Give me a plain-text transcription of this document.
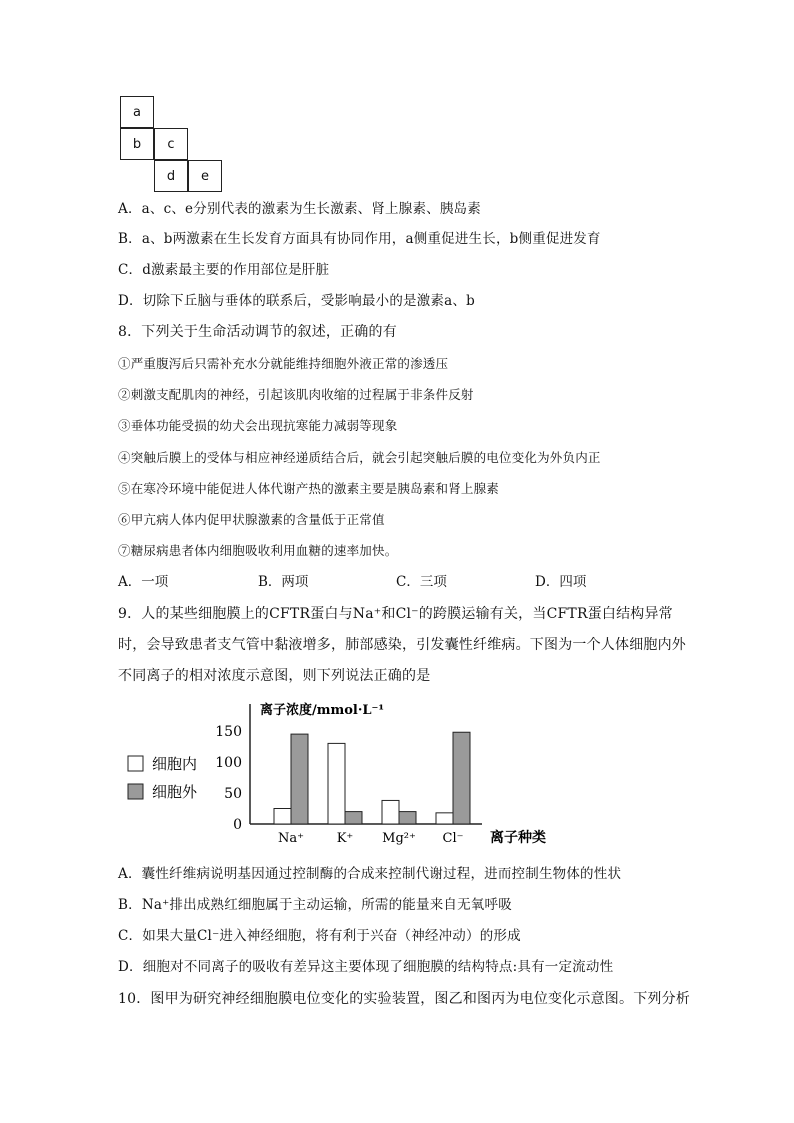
a
b	c
d	e
A．a、c、e分别代表的激素为生长激素、肾上腺素、胰岛素
B．a、b两激素在生长发育方面具有协同作用，a侧重促进生长，b侧重促进发育
C．d激素最主要的作用部位是肝脏
D．切除下丘脑与垂体的联系后，受影响最小的是激素a、b
8．下列关于生命活动调节的叙述，正确的有
①严重腹泻后只需补充水分就能维持细胞外液正常的渗透压
②刺激支配肌肉的神经，引起该肌肉收缩的过程属于非条件反射
③垂体功能受损的幼犬会出现抗寒能力减弱等现象
④突触后膜上的受体与相应神经递质结合后，就会引起突触后膜的电位变化为外负内正
⑤在寒冷环境中能促进人体代谢产热的激素主要是胰岛素和肾上腺素
⑥甲亢病人体内促甲状腺激素的含量低于正常值
⑦糖尿病患者体内细胞吸收利用血糖的速率加快。
A．一项	B．两项	C．三项	D．四项
9．人的某些细胞膜上的CFTR蛋白与Na⁺和Cl⁻的跨膜运输有关，当CFTR蛋白结构异常
时，会导致患者支气管中黏液增多，肺部感染，引发囊性纤维病。下图为一个人体细胞内外
不同离子的相对浓度示意图，则下列说法正确的是
细胞内
细胞外
离子浓度/mmol·L⁻¹
离子种类
0
50
100
150
Na⁺	K⁺ Mg²⁺ Cl⁻
A．囊性纤维病说明基因通过控制酶的合成来控制代谢过程，进而控制生物体的性状
B．Na⁺排出成熟红细胞属于主动运输，所需的能量来自无氧呼吸
C．如果大量Cl⁻进入神经细胞，将有利于兴奋（神经冲动）的形成
D．细胞对不同离子的吸收有差异这主要体现了细胞膜的结构特点:具有一定流动性
10．图甲为研究神经细胞膜电位变化的实验装置，图乙和图丙为电位变化示意图。下列分析
